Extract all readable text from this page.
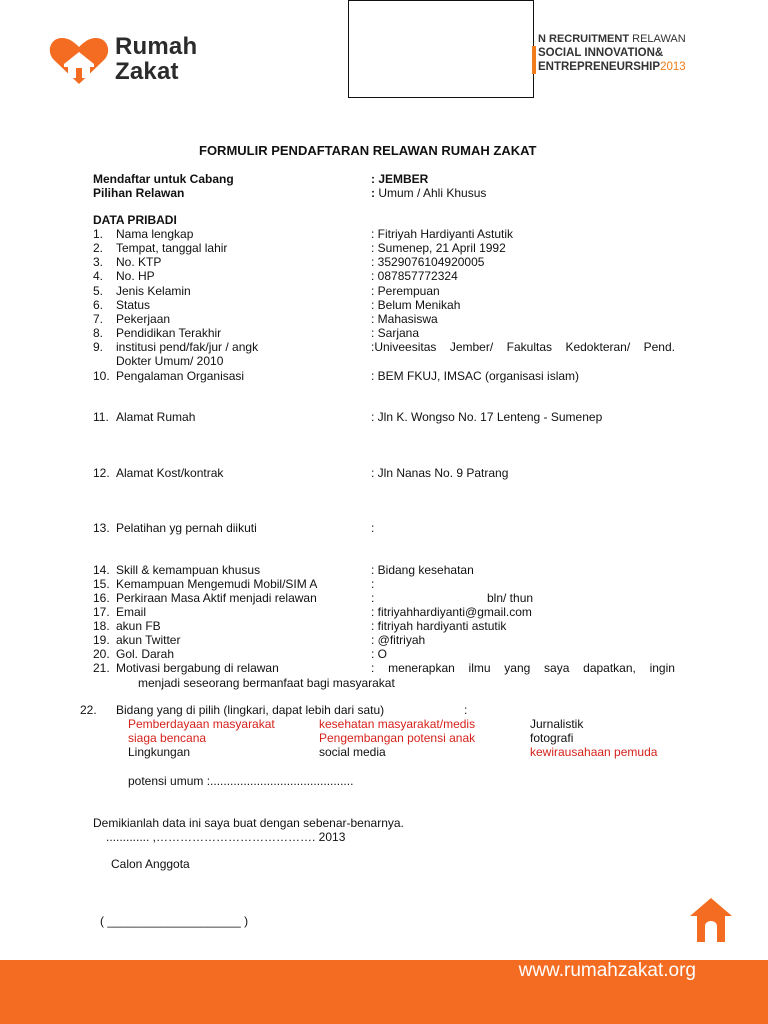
Rumah
Zakat
N RECRUITMENT RELAWAN
SOCIAL INNOVATION&
ENTREPRENEURSHIP2013
FORMULIR PENDAFTARAN RELAWAN RUMAH ZAKAT
Mendaftar untuk Cabang	: JEMBER
Pilihan Relawan	: Umum / Ahli Khusus
DATA PRIBADI
1. Nama lengkap	: Fitriyah Hardiyanti Astutik
2. Tempat, tanggal lahir	: Sumenep, 21 April 1992
3. No. KTP	: 3529076104920005
4. No. HP	: 087857772324
5. Jenis Kelamin	: Perempuan
6. Status	: Belum Menikah
7. Pekerjaan	: Mahasiswa
8. Pendidikan Terakhir	: Sarjana
9. institusi pend/fak/jur / angk	:Univeesitas Jember/ Fakultas Kedokteran/ Pend.
Dokter Umum/ 2010
10. Pengalaman Organisasi	: BEM FKUJ, IMSAC (organisasi islam)
11. Alamat Rumah	: Jln K. Wongso No. 17 Lenteng - Sumenep
12. Alamat Kost/kontrak	: Jln Nanas No. 9 Patrang
13. Pelatihan yg pernah diikuti	:
14. Skill & kemampuan khusus	: Bidang kesehatan
15. Kemampuan Mengemudi Mobil/SIM A	:
16. Perkiraan Masa Aktif menjadi relawan	:	bln/ thun
17. Email	: fitriyahhardiyanti@gmail.com
18. akun FB	: fitriyah hardiyanti astutik
19. akun Twitter	: @fitriyah
20. Gol. Darah	: O
21. Motivasi bergabung di relawan	: menerapkan ilmu yang saya dapatkan, ingin
menjadi seseorang bermanfaat bagi masyarakat
22. Bidang yang di pilih (lingkari, dapat lebih dari satu)	:
Pemberdayaan masyarakat	kesehatan masyarakat/medis	Jurnalistik
siaga bencana	Pengembangan potensi anak	fotografi
Lingkungan	social media	kewirausahaan pemuda
potensi umum :...........................................
Demikianlah data ini saya buat dengan sebenar-benarnya.
............. ,…………………………………. 2013
Calon Anggota
( ____________________ )
www.rumahzakat.org
